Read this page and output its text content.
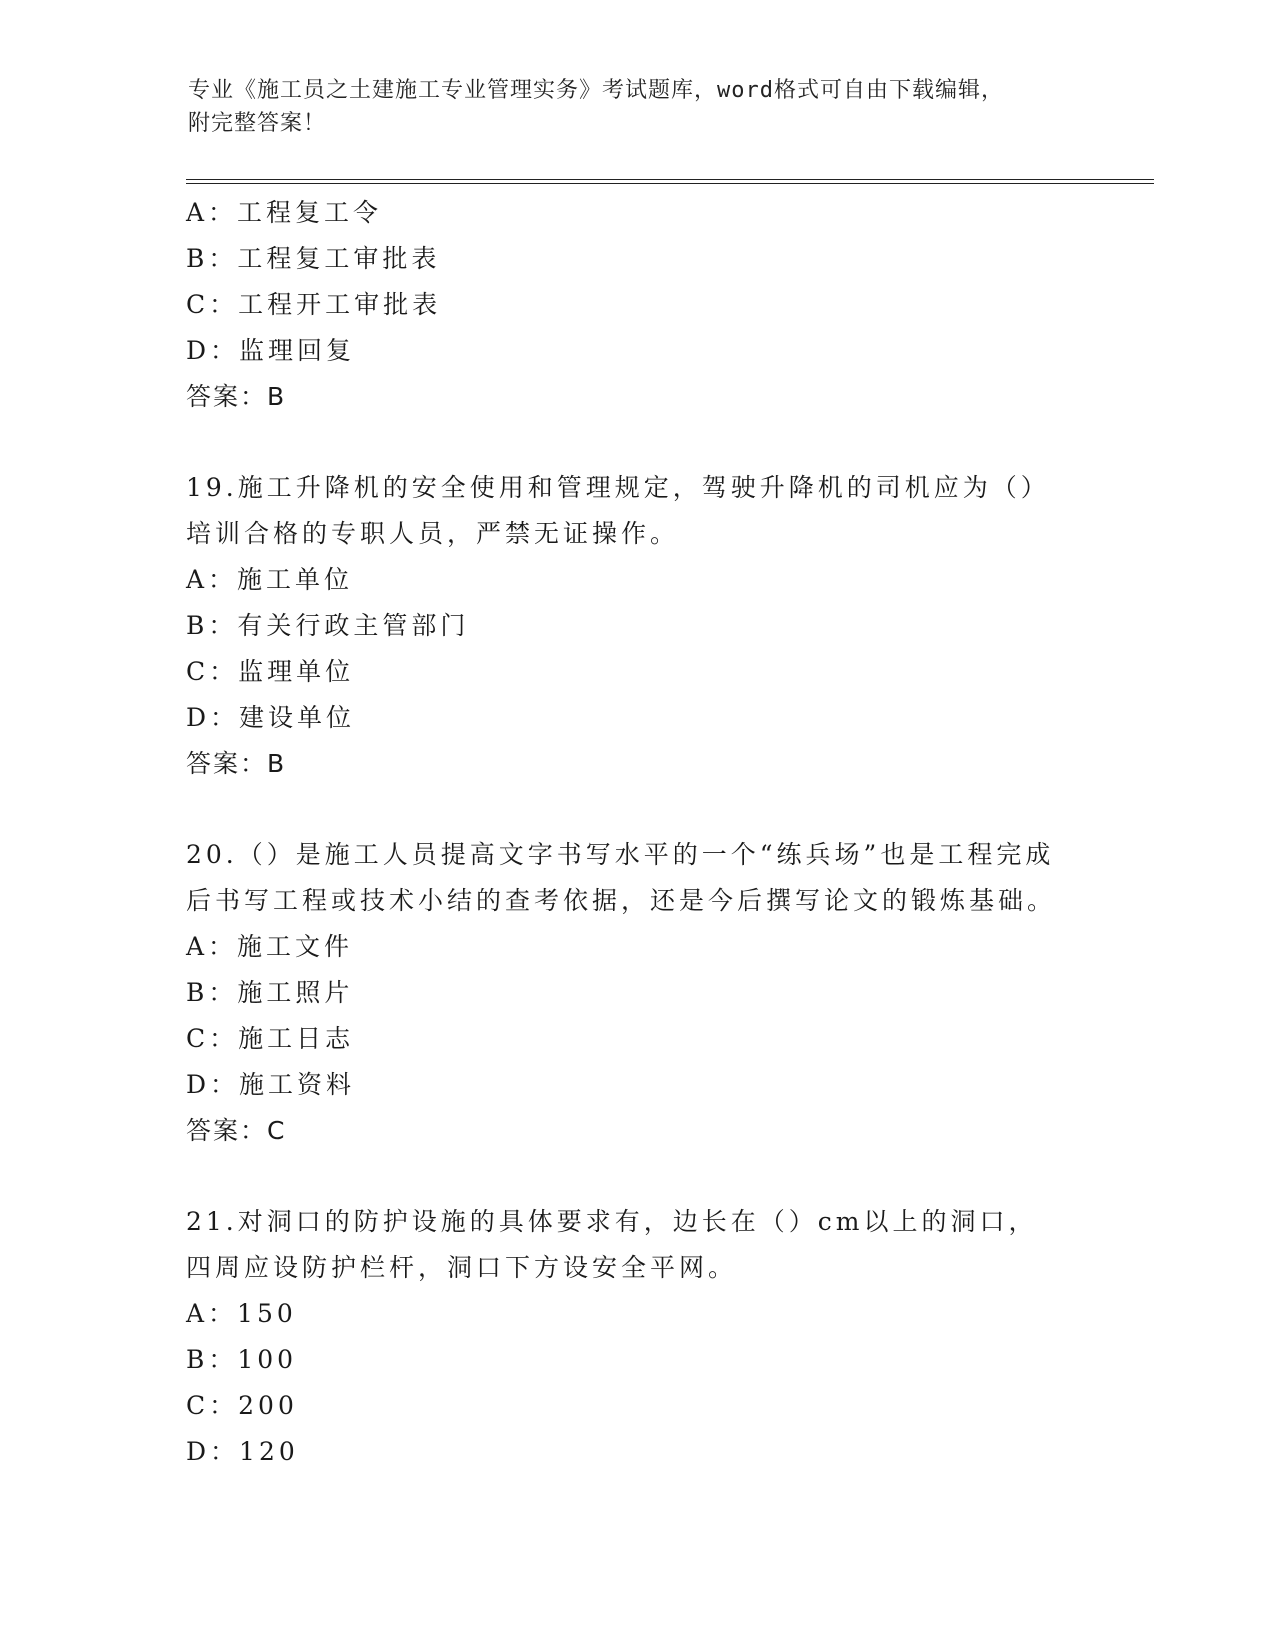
专业《施工员之土建施工专业管理实务》考试题库，word格式可自由下载编辑，
附完整答案！
A：工程复工令
B：工程复工审批表
C：工程开工审批表
D：监理回复
答案：B
19.施工升降机的安全使用和管理规定，驾驶升降机的司机应为（）培训合格的专职人员，严禁无证操作。
A：施工单位
B：有关行政主管部门
C：监理单位
D：建设单位
答案：B
20.（）是施工人员提高文字书写水平的一个“练兵场”也是工程完成后书写工程或技术小结的查考依据，还是今后撰写论文的锻炼基础。
A：施工文件
B：施工照片
C：施工日志
D：施工资料
答案：C
21.对洞口的防护设施的具体要求有，边长在（）cm以上的洞口，四周应设防护栏杆，洞口下方设安全平网。
A：150
B：100
C：200
D：120
